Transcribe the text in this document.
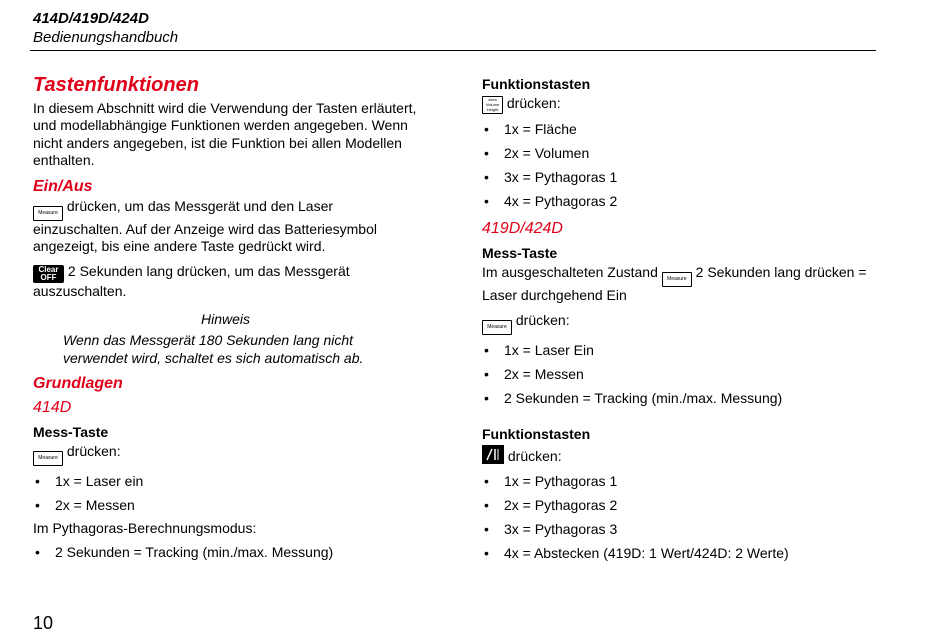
414D/419D/424D
Bedienungshandbuch
Tastenfunktionen

In diesem Abschnitt wird die Verwendung der Tasten erläutert, und modellabhängige Funktionen werden angegeben. Wenn nicht anders angegeben, ist die Funktion bei allen Modellen enthalten.

Ein/Aus

Measure drücken, um das Messgerät und den Laser einzuschalten. Auf der Anzeige wird das Batteriesymbol angezeigt, bis eine andere Taste gedrückt wird.

Clear
OFF 2 Sekunden lang drücken, um das Messgerät auszuschalten.

Hinweis

Wenn das Messgerät 180 Sekunden lang nicht verwendet wird, schaltet es sich automatisch ab.

Grundlagen
414D
Mess-Taste

Measure drücken:

• 1x = Laser ein
• 2x = Messen

Im Pythagoras-Berechnungsmodus:

• 2 Sekunden = Tracking (min./max. Messung)
Funktionstasten

Area
Volume
Height drücken:

• 1x = Fläche
• 2x = Volumen
• 3x = Pythagoras 1
• 4x = Pythagoras 2
419D/424D
Mess-Taste

Im ausgeschalteten Zustand Measure 2 Sekunden lang drücken = Laser durchgehend Ein

Measure drücken:

• 1x = Laser Ein
• 2x = Messen
• 2 Sekunden = Tracking (min./max. Messung)
Funktionstasten

drücken:

• 1x = Pythagoras 1
• 2x = Pythagoras 2
• 3x = Pythagoras 3
• 4x = Abstecken (419D: 1 Wert/424D: 2 Werte)
10
